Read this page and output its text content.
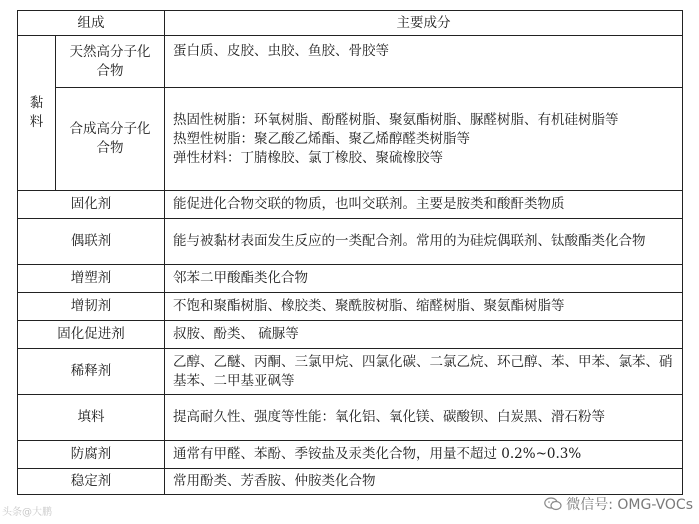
组成		主要成分

黏
料	天然高分子化合物	蛋白质、皮胶、虫胶、鱼胶、骨胶等
	合成高分子化合物	热固性树脂：环氧树脂、酚醛树脂、聚氨酯树脂、脲醛树脂、有机硅树脂等
热塑性树脂：聚乙酸乙烯酯、聚乙烯醇醛类树脂等
弹性材料：丁腈橡胶、氯丁橡胶、聚硫橡胶等

固化剂		能促进化合物交联的物质，也叫交联剂。主要是胺类和酸酐类物质
偶联剂		能与被黏材表面发生反应的一类配合剂。常用的为硅烷偶联剂、钛酸酯类化合物
增塑剂		邻苯二甲酸酯类化合物
增韧剂		不饱和聚酯树脂、橡胶类、聚酰胺树脂、缩醛树脂、聚氨酯树脂等
固化促进剂		叔胺、酚类、 硫脲等
稀释剂		乙醇、乙醚、丙酮、三氯甲烷、四氯化碳、二氯乙烷、环己醇、苯、甲苯、氯苯、硝基苯、二甲基亚砜等
填料		提高耐久性、强度等性能：氧化铝、氧化镁、碳酸钡、白炭黑、滑石粉等
防腐剂		通常有甲醛、苯酚、季铵盐及汞类化合物，用量不超过 0.2%~0.3%
稳定剂		常用酚类、芳香胺、仲胺类化合物
头条@大鹏	微信号: OMG-VOCs
